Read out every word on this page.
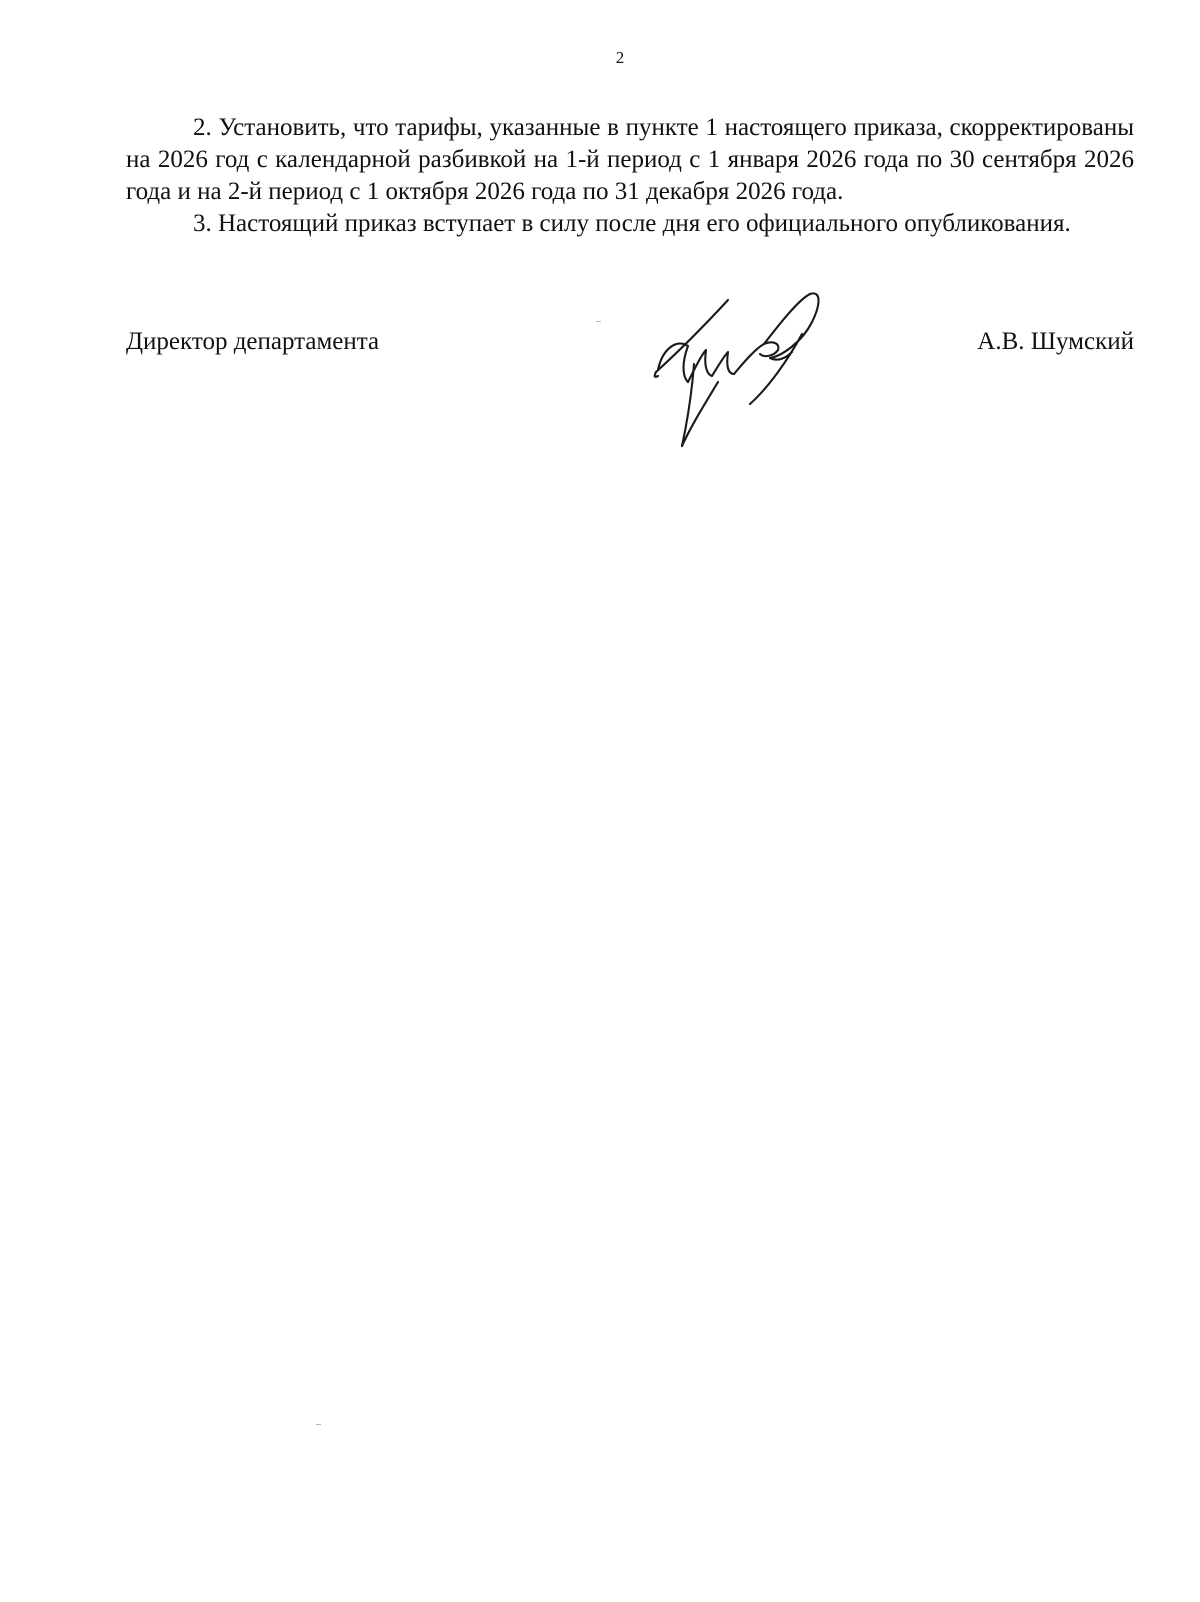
2

2. Установить, что тарифы, указанные в пункте 1 настоящего приказа, скорректированы на 2026 год с календарной разбивкой на 1-й период с 1 января 2026 года по 30 сентября 2026 года и на 2-й период с 1 октября 2026 года по 31 декабря 2026 года.

3. Настоящий приказ вступает в силу после дня его официального опубликования.

Директор департамента	А.В. Шумский
